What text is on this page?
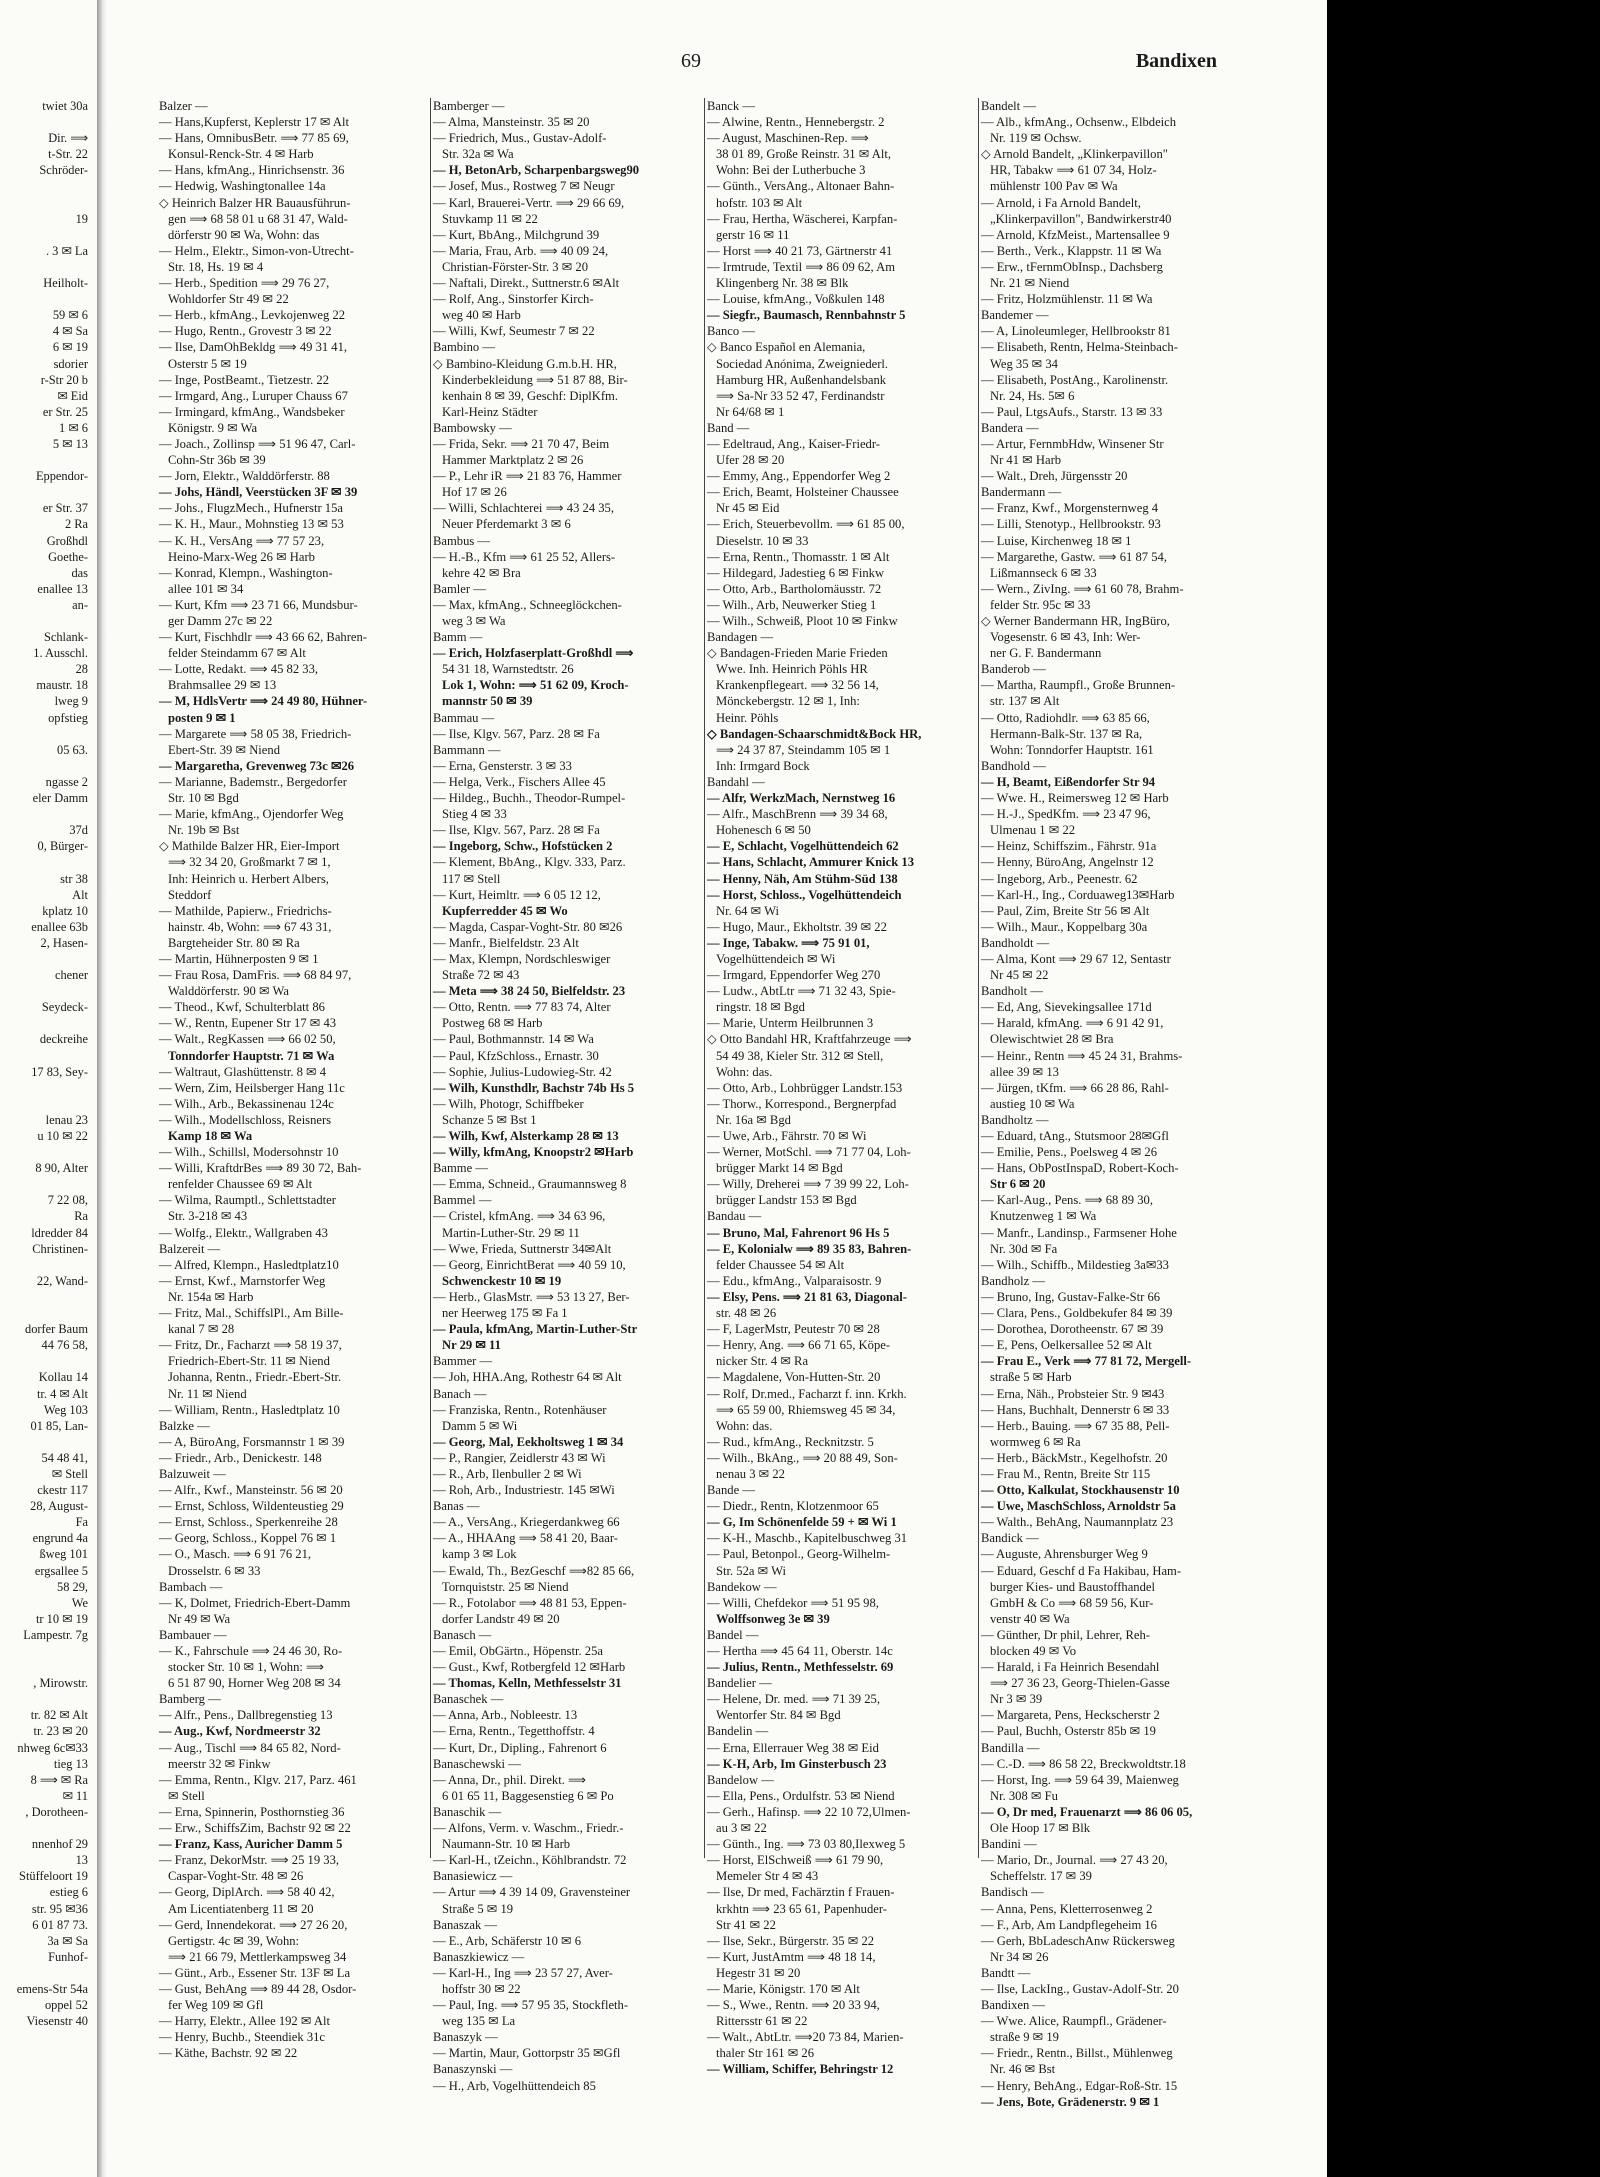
69	Bandixen
twiet 30a

Dir. ⟹
t-Str. 22
Schröder-

19

. 3 ✉ La

Heilholt-

59 ✉ 6
4 ✉ Sa
6 ✉ 19
sdorier
r-Str 20 b
✉ Eid
er Str. 25
1 ✉ 6
5 ✉ 13

Eppendor-

er Str. 37
2 Ra
Großhdl
Goethe-
das
enallee 13
an-

Schlank-
1. Ausschl.
28
maustr. 18
lweg 9
opfstieg

05 63.

ngasse 2
eler Damm

37d
0, Bürger-

str 38
Alt
kplatz 10
enallee 63b
2, Hasen-

chener

Seydeck-

deckreihe

17 83, Sey-

lenau 23
u 10 ✉ 22

8 90, Alter

7 22 08,
Ra
ldredder 84
Christinen-

22, Wand-

dorfer Baum
44 76 58,

Kollau 14
tr. 4 ✉ Alt
Weg 103
01 85, Lan-

54 48 41,
✉ Stell
ckestr 117
28, August-
Fa
engrund 4a
ßweg 101
ergsallee 5
58 29,
We
tr 10 ✉ 19
Lampestr. 7g

, Mirowstr.

tr. 82 ✉ Alt
tr. 23 ✉ 20
nhweg 6c✉33
tieg 13
8 ⟹ ✉ Ra
✉ 11
, Dorotheen-

nnenhof 29
13
Stüffeloort 19
estieg 6
str. 95 ✉36
6 01 87 73.
3a ✉ Sa
Funhof-

emens-Str 54a
oppel 52
Viesenstr 40
Balzer —
— Hans,Kupferst, Keplerstr 17 ✉ Alt
— Hans, OmnibusBetr. ⟹ 77 85 69,
Konsul-Renck-Str. 4 ✉ Harb
— Hans, kfmAng., Hinrichsenstr. 36
— Hedwig, Washingtonallee 14a
◇ Heinrich Balzer HR Bauausführun-
gen ⟹ 68 58 01 u 68 31 47, Wald-
dörferstr 90 ✉ Wa, Wohn: das
— Helm., Elektr., Simon-von-Utrecht-
Str. 18, Hs. 19 ✉ 4
— Herb., Spedition ⟹ 29 76 27,
Wohldorfer Str 49 ✉ 22
— Herb., kfmAng., Levkojenweg 22
— Hugo, Rentn., Grovestr 3 ✉ 22
— Ilse, DamOhBekldg ⟹ 49 31 41,
Osterstr 5 ✉ 19
— Inge, PostBeamt., Tietzestr. 22
— Irmgard, Ang., Luruper Chauss 67
— Irmingard, kfmAng., Wandsbeker
Königstr. 9 ✉ Wa
— Joach., Zollinsp ⟹ 51 96 47, Carl-
Cohn-Str 36b ✉ 39
— Jorn, Elektr., Walddörferstr. 88
— Johs, Händl, Veerstücken 3F ✉ 39
— Johs., FlugzMech., Hufnerstr 15a
— K. H., Maur., Mohnstieg 13 ✉ 53
— K. H., VersAng ⟹ 77 57 23,
Heino-Marx-Weg 26 ✉ Harb
— Konrad, Klempn., Washington-
allee 101 ✉ 34
— Kurt, Kfm ⟹ 23 71 66, Mundsbur-
ger Damm 27c ✉ 22
— Kurt, Fischhdlr ⟹ 43 66 62, Bahren-
felder Steindamm 67 ✉ Alt
— Lotte, Redakt. ⟹ 45 82 33,
Brahmsallee 29 ✉ 13
— M, HdlsVertr ⟹ 24 49 80, Hühner-
posten 9 ✉ 1
— Margarete ⟹ 58 05 38, Friedrich-
Ebert-Str. 39 ✉ Niend
— Margaretha, Grevenweg 73c ✉26
— Marianne, Bademstr., Bergedorfer
Str. 10 ✉ Bgd
— Marie, kfmAng., Ojendorfer Weg
Nr. 19b ✉ Bst
◇ Mathilde Balzer HR, Eier-Import
⟹ 32 34 20, Großmarkt 7 ✉ 1,
Inh: Heinrich u. Herbert Albers,
Steddorf
— Mathilde, Papierw., Friedrichs-
hainstr. 4b, Wohn: ⟹ 67 43 31,
Bargteheider Str. 80 ✉ Ra
— Martin, Hühnerposten 9 ✉ 1
— Frau Rosa, DamFris. ⟹ 68 84 97,
Walddörferstr. 90 ✉ Wa
— Theod., Kwf, Schulterblatt 86
— W., Rentn, Eupener Str 17 ✉ 43
— Walt., RegKassen ⟹ 66 02 50,
Tonndorfer Hauptstr. 71 ✉ Wa
— Waltraut, Glashüttenstr. 8 ✉ 4
— Wern, Zim, Heilsberger Hang 11c
— Wilh., Arb., Bekassinenau 124c
— Wilh., Modellschloss, Reisners
Kamp 18 ✉ Wa
— Wilh., Schillsl, Modersohnstr 10
— Willi, KraftdrBes ⟹ 89 30 72, Bah-
renfelder Chaussee 69 ✉ Alt
— Wilma, Raumptl., Schlettstadter
Str. 3-218 ✉ 43
— Wolfg., Elektr., Wallgraben 43
Balzereit —
— Alfred, Klempn., Hasledtplatz10
— Ernst, Kwf., Marnstorfer Weg
Nr. 154a ✉ Harb
— Fritz, Mal., SchiffslPl., Am Bille-
kanal 7 ✉ 28
— Fritz, Dr., Facharzt ⟹ 58 19 37,
Friedrich-Ebert-Str. 11 ✉ Niend
Johanna, Rentn., Friedr.-Ebert-Str.
Nr. 11 ✉ Niend
— William, Rentn., Hasledtplatz 10
Balzke —
— A, BüroAng, Forsmannstr 1 ✉ 39
— Friedr., Arb., Denickestr. 148
Balzuweit —
— Alfr., Kwf., Mansteinstr. 56 ✉ 20
— Ernst, Schloss, Wildenteustieg 29
— Ernst, Schloss., Sperkenreihe 28
— Georg, Schloss., Koppel 76 ✉ 1
— O., Masch. ⟹ 6 91 76 21,
Drosselstr. 6 ✉ 33
Bambach —
— K, Dolmet, Friedrich-Ebert-Damm
Nr 49 ✉ Wa
Bambauer —
— K., Fahrschule ⟹ 24 46 30, Ro-
stocker Str. 10 ✉ 1, Wohn: ⟹
6 51 87 90, Horner Weg 208 ✉ 34
Bamberg —
— Alfr., Pens., Dallbregenstieg 13
— Aug., Kwf, Nordmeerstr 32
— Aug., Tischl ⟹ 84 65 82, Nord-
meerstr 32 ✉ Finkw
— Emma, Rentn., Klgv. 217, Parz. 461
✉ Stell
— Erna, Spinnerin, Posthornstieg 36
— Erw., SchiffsZim, Bachstr 92 ✉ 22
— Franz, Kass, Auricher Damm 5
— Franz, DekorMstr. ⟹ 25 19 33,
Caspar-Voght-Str. 48 ✉ 26
— Georg, DiplArch. ⟹ 58 40 42,
Am Licentiatenberg 11 ✉ 20
— Gerd, Innendekorat. ⟹ 27 26 20,
Gertigstr. 4c ✉ 39, Wohn:
⟹ 21 66 79, Mettlerkampsweg 34
— Günt., Arb., Essener Str. 13F ✉ La
— Gust, BehAng ⟹ 89 44 28, Osdor-
fer Weg 109 ✉ Gfl
— Harry, Elektr., Allee 192 ✉ Alt
— Henry, Buchb., Steendiek 31c
— Käthe, Bachstr. 92 ✉ 22
Bamberger —
— Alma, Mansteinstr. 35 ✉ 20
— Friedrich, Mus., Gustav-Adolf-
Str. 32a ✉ Wa
— H, BetonArb, Scharpenbargsweg90
— Josef, Mus., Rostweg 7 ✉ Neugr
— Karl, Brauerei-Vertr. ⟹ 29 66 69,
Stuvkamp 11 ✉ 22
— Kurt, BbAng., Milchgrund 39
— Maria, Frau, Arb. ⟹ 40 09 24,
Christian-Förster-Str. 3 ✉ 20
— Naftali, Direkt., Suttnerstr.6 ✉Alt
— Rolf, Ang., Sinstorfer Kirch-
weg 40 ✉ Harb
— Willi, Kwf, Seumestr 7 ✉ 22
Bambino —
◇ Bambino-Kleidung G.m.b.H. HR,
Kinderbekleidung ⟹ 51 87 88, Bir-
kenhain 8 ✉ 39, Geschf: DiplKfm.
Karl-Heinz Städter
Bambowsky —
— Frida, Sekr. ⟹ 21 70 47, Beim
Hammer Marktplatz 2 ✉ 26
— P., Lehr iR ⟹ 21 83 76, Hammer
Hof 17 ✉ 26
— Willi, Schlachterei ⟹ 43 24 35,
Neuer Pferdemarkt 3 ✉ 6
Bambus —
— H.-B., Kfm ⟹ 61 25 52, Allers-
kehre 42 ✉ Bra
Bamler —
— Max, kfmAng., Schneeglöckchen-
weg 3 ✉ Wa
Bamm —
— Erich, Holzfaserplatt-Großhdl ⟹
54 31 18, Warnstedtstr. 26
Lok 1, Wohn: ⟹ 51 62 09, Kroch-
mannstr 50 ✉ 39
Bammau —
— Ilse, Klgv. 567, Parz. 28 ✉ Fa
Bammann —
— Erna, Gensterstr. 3 ✉ 33
— Helga, Verk., Fischers Allee 45
— Hildeg., Buchh., Theodor-Rumpel-
Stieg 4 ✉ 33
— Ilse, Klgv. 567, Parz. 28 ✉ Fa
— Ingeborg, Schw., Hofstücken 2
— Klement, BbAng., Klgv. 333, Parz.
117 ✉ Stell
— Kurt, Heimltr. ⟹ 6 05 12 12,
Kupferredder 45 ✉ Wo
— Magda, Caspar-Voght-Str. 80 ✉26
— Manfr., Bielfeldstr. 23 Alt
— Max, Klempn, Nordschleswiger
Straße 72 ✉ 43
— Meta ⟹ 38 24 50, Bielfeldstr. 23
— Otto, Rentn. ⟹ 77 83 74, Alter
Postweg 68 ✉ Harb
— Paul, Bothmannstr. 14 ✉ Wa
— Paul, KfzSchloss., Ernastr. 30
— Sophie, Julius-Ludowieg-Str. 42
— Wilh, Kunsthdlr, Bachstr 74b Hs 5
— Wilh, Photogr, Schiffbeker
Schanze 5 ✉ Bst 1
— Wilh, Kwf, Alsterkamp 28 ✉ 13
— Willy, kfmAng, Knoopstr2 ✉Harb
Bamme —
— Emma, Schneid., Graumannsweg 8
Bammel —
— Cristel, kfmAng. ⟹ 34 63 96,
Martin-Luther-Str. 29 ✉ 11
— Wwe, Frieda, Suttnerstr 34✉Alt
— Georg, EinrichtBerat ⟹ 40 59 10,
Schwenckestr 10 ✉ 19
— Herb., GlasMstr. ⟹ 53 13 27, Ber-
ner Heerweg 175 ✉ Fa 1
— Paula, kfmAng, Martin-Luther-Str
Nr 29 ✉ 11
Bammer —
— Joh, HHA.Ang, Rothestr 64 ✉ Alt
Banach —
— Franziska, Rentn., Rotenhäuser
Damm 5 ✉ Wi
— Georg, Mal, Eekholtsweg 1 ✉ 34
— P., Rangier, Zeidlerstr 43 ✉ Wi
— R., Arb, Ilenbuller 2 ✉ Wi
— Roh, Arb., Industriestr. 145 ✉Wi
Banas —
— A., VersAng., Kriegerdankweg 66
— A., HHAAng ⟹ 58 41 20, Baar-
kamp 3 ✉ Lok
— Ewald, Th., BezGeschf ⟹82 85 66,
Tornquiststr. 25 ✉ Niend
— R., Fotolabor ⟹ 48 81 53, Eppen-
dorfer Landstr 49 ✉ 20
Banasch —
— Emil, ObGärtn., Höpenstr. 25a
— Gust., Kwf, Rotbergfeld 12 ✉Harb
— Thomas, Kelln, Methfesselstr 31
Banaschek —
— Anna, Arb., Nobleestr. 13
— Erna, Rentn., Tegetthoffstr. 4
— Kurt, Dr., Dipling., Fahrenort 6
Banaschewski —
— Anna, Dr., phil. Direkt. ⟹
6 01 65 11, Baggesenstieg 6 ✉ Po
Banaschik —
— Alfons, Verm. v. Waschm., Friedr.-
Naumann-Str. 10 ✉ Harb
— Karl-H., tZeichn., Köhlbrandstr. 72
Banasiewicz —
— Artur ⟹ 4 39 14 09, Gravensteiner
Straße 5 ✉ 19
Banaszak —
— E., Arb, Schäferstr 10 ✉ 6
Banaszkiewicz —
— Karl-H., Ing ⟹ 23 57 27, Aver-
hoffstr 30 ✉ 22
— Paul, Ing. ⟹ 57 95 35, Stockfleth-
weg 135 ✉ La
Banaszyk —
— Martin, Maur, Gottorpstr 35 ✉Gfl
Banaszynski —
— H., Arb, Vogelhüttendeich 85
Banck —
— Alwine, Rentn., Hennebergstr. 2
— August, Maschinen-Rep. ⟹
38 01 89, Große Reinstr. 31 ✉ Alt,
Wohn: Bei der Lutherbuche 3
— Günth., VersAng., Altonaer Bahn-
hofstr. 103 ✉ Alt
— Frau, Hertha, Wäscherei, Karpfan-
gerstr 16 ✉ 11
— Horst ⟹ 40 21 73, Gärtnerstr 41
— Irmtrude, Textil ⟹ 86 09 62, Am
Klingenberg Nr. 38 ✉ Blk
— Louise, kfmAng., Voßkulen 148
— Siegfr., Baumasch, Rennbahnstr 5
Banco —
◇ Banco Español en Alemania,
Sociedad Anónima, Zweigniederl.
Hamburg HR, Außenhandelsbank
⟹ Sa-Nr 33 52 47, Ferdinandstr
Nr 64/68 ✉ 1
Band —
— Edeltraud, Ang., Kaiser-Friedr-
Ufer 28 ✉ 20
— Emmy, Ang., Eppendorfer Weg 2
— Erich, Beamt, Holsteiner Chaussee
Nr 45 ✉ Eid
— Erich, Steuerbevollm. ⟹ 61 85 00,
Dieselstr. 10 ✉ 33
— Erna, Rentn., Thomasstr. 1 ✉ Alt
— Hildegard, Jadestieg 6 ✉ Finkw
— Otto, Arb., Bartholomäusstr. 72
— Wilh., Arb, Neuwerker Stieg 1
— Wilh., Schweiß, Ploot 10 ✉ Finkw
Bandagen —
◇ Bandagen-Frieden Marie Frieden
Wwe. Inh. Heinrich Pöhls HR
Krankenpflegeart. ⟹ 32 56 14,
Mönckebergstr. 12 ✉ 1, Inh:
Heinr. Pöhls
◇ Bandagen-Schaarschmidt&Bock HR,
⟹ 24 37 87, Steindamm 105 ✉ 1
Inh: Irmgard Bock
Bandahl —
— Alfr, WerkzMach, Nernstweg 16
— Alfr., MaschBrenn ⟹ 39 34 68,
Hohenesch 6 ✉ 50
— E, Schlacht, Vogelhüttendeich 62
— Hans, Schlacht, Ammurer Knick 13
— Henny, Näh, Am Stühm-Süd 138
— Horst, Schloss., Vogelhüttendeich
Nr. 64 ✉ Wi
— Hugo, Maur., Ekholtstr. 39 ✉ 22
— Inge, Tabakw. ⟹ 75 91 01,
Vogelhüttendeich ✉ Wi
— Irmgard, Eppendorfer Weg 270
— Ludw., AbtLtr ⟹ 71 32 43, Spie-
ringstr. 18 ✉ Bgd
— Marie, Unterm Heilbrunnen 3
◇ Otto Bandahl HR, Kraftfahrzeuge ⟹
54 49 38, Kieler Str. 312 ✉ Stell,
Wohn: das.
— Otto, Arb., Lohbrügger Landstr.153
— Thorw., Korrespond., Bergnerpfad
Nr. 16a ✉ Bgd
— Uwe, Arb., Fährstr. 70 ✉ Wi
— Werner, MotSchl. ⟹ 71 77 04, Loh-
brügger Markt 14 ✉ Bgd
— Willy, Dreherei ⟹ 7 39 99 22, Loh-
brügger Landstr 153 ✉ Bgd
Bandau —
— Bruno, Mal, Fahrenort 96 Hs 5
— E, Kolonialw ⟹ 89 35 83, Bahren-
felder Chaussee 54 ✉ Alt
— Edu., kfmAng., Valparaisostr. 9
— Elsy, Pens. ⟹ 21 81 63, Diagonal-
str. 48 ✉ 26
— F, LagerMstr, Peutestr 70 ✉ 28
— Henry, Ang. ⟹ 66 71 65, Köpe-
nicker Str. 4 ✉ Ra
— Magdalene, Von-Hutten-Str. 20
— Rolf, Dr.med., Facharzt f. inn. Krkh.
⟹ 65 59 00, Rhiemsweg 45 ✉ 34,
Wohn: das.
— Rud., kfmAng., Recknitzstr. 5
— Wilh., BkAng., ⟹ 20 88 49, Son-
nenau 3 ✉ 22
Bande —
— Diedr., Rentn, Klotzenmoor 65
— G, Im Schönenfelde 59 + ✉ Wi 1
— K-H., Maschb., Kapitelbuschweg 31
— Paul, Betonpol., Georg-Wilhelm-
Str. 52a ✉ Wi
Bandekow —
— Willi, Chefdekor ⟹ 51 95 98,
Wolffsonweg 3e ✉ 39
Bandel —
— Hertha ⟹ 45 64 11, Oberstr. 14c
— Julius, Rentn., Methfesselstr. 69
Bandelier —
— Helene, Dr. med. ⟹ 71 39 25,
Wentorfer Str. 84 ✉ Bgd
Bandelin —
— Erna, Ellerrauer Weg 38 ✉ Eid
— K-H, Arb, Im Ginsterbusch 23
Bandelow —
— Ella, Pens., Ordulfstr. 53 ✉ Niend
— Gerh., Hafinsp. ⟹ 22 10 72,Ulmen-
au 3 ✉ 22
— Günth., Ing. ⟹ 73 03 80,Ilexweg 5
— Horst, ElSchweiß ⟹ 61 79 90,
Memeler Str 4 ✉ 43
— Ilse, Dr med, Fachärztin f Frauen-
krkhtn ⟹ 23 65 61, Papenhuder-
Str 41 ✉ 22
— Ilse, Sekr., Bürgerstr. 35 ✉ 22
— Kurt, JustAmtm ⟹ 48 18 14,
Hegestr 31 ✉ 20
— Marie, Königstr. 170 ✉ Alt
— S., Wwe., Rentn. ⟹ 20 33 94,
Rittersstr 61 ✉ 22
— Walt., AbtLtr. ⟹20 73 84, Marien-
thaler Str 161 ✉ 26
— William, Schiffer, Behringstr 12
Bandelt —
— Alb., kfmAng., Ochsenw., Elbdeich
Nr. 119 ✉ Ochsw.
◇ Arnold Bandelt, „Klinkerpavillon"
HR, Tabakw ⟹ 61 07 34, Holz-
mühlenstr 100 Pav ✉ Wa
— Arnold, i Fa Arnold Bandelt,
„Klinkerpavillon", Bandwirkerstr40
— Arnold, KfzMeist., Martensallee 9
— Berth., Verk., Klappstr. 11 ✉ Wa
— Erw., tFernmObInsp., Dachsberg
Nr. 21 ✉ Niend
— Fritz, Holzmühlenstr. 11 ✉ Wa
Bandemer —
— A, Linoleumleger, Hellbrookstr 81
— Elisabeth, Rentn, Helma-Steinbach-
Weg 35 ✉ 34
— Elisabeth, PostAng., Karolinenstr.
Nr. 24, Hs. 5✉ 6
— Paul, LtgsAufs., Starstr. 13 ✉ 33
Bandera —
— Artur, FernmbHdw, Winsener Str
Nr 41 ✉ Harb
— Walt., Dreh, Jürgensstr 20
Bandermann —
— Franz, Kwf., Morgensternweg 4
— Lilli, Stenotyp., Hellbrookstr. 93
— Luise, Kirchenweg 18 ✉ 1
— Margarethe, Gastw. ⟹ 61 87 54,
Lißmannseck 6 ✉ 33
— Wern., ZivIng. ⟹ 61 60 78, Brahm-
felder Str. 95c ✉ 33
◇ Werner Bandermann HR, IngBüro,
Vogesenstr. 6 ✉ 43, Inh: Wer-
ner G. F. Bandermann
Banderob —
— Martha, Raumpfl., Große Brunnen-
str. 137 ✉ Alt
— Otto, Radiohdlr. ⟹ 63 85 66,
Hermann-Balk-Str. 137 ✉ Ra,
Wohn: Tonndorfer Hauptstr. 161
Bandhold —
— H, Beamt, Eißendorfer Str 94
— Wwe. H., Reimersweg 12 ✉ Harb
— H.-J., SpedKfm. ⟹ 23 47 96,
Ulmenau 1 ✉ 22
— Heinz, Schiffszim., Fährstr. 91a
— Henny, BüroAng, Angelnstr 12
— Ingeborg, Arb., Peenestr. 62
— Karl-H., Ing., Corduaweg13✉Harb
— Paul, Zim, Breite Str 56 ✉ Alt
— Wilh., Maur., Koppelbarg 30a
Bandholdt —
— Alma, Kont ⟹ 29 67 12, Sentastr
Nr 45 ✉ 22
Bandholt —
— Ed, Ang, Sievekingsallee 171d
— Harald, kfmAng. ⟹ 6 91 42 91,
Olewischtwiet 28 ✉ Bra
— Heinr., Rentn ⟹ 45 24 31, Brahms-
allee 39 ✉ 13
— Jürgen, tKfm. ⟹ 66 28 86, Rahl-
austieg 10 ✉ Wa
Bandholtz —
— Eduard, tAng., Stutsmoor 28✉Gfl
— Emilie, Pens., Poelsweg 4 ✉ 26
— Hans, ObPostInspaD, Robert-Koch-
Str 6 ✉ 20
— Karl-Aug., Pens. ⟹ 68 89 30,
Knutzenweg 1 ✉ Wa
— Manfr., Landinsp., Farmsener Hohe
Nr. 30d ✉ Fa
— Wilh., Schiffb., Mildestieg 3a✉33
Bandholz —
— Bruno, Ing, Gustav-Falke-Str 66
— Clara, Pens., Goldbekufer 84 ✉ 39
— Dorothea, Dorotheenstr. 67 ✉ 39
— E, Pens, Oelkersallee 52 ✉ Alt
— Frau E., Verk ⟹ 77 81 72, Mergell-
straße 5 ✉ Harb
— Erna, Näh., Probsteier Str. 9 ✉43
— Hans, Buchhalt, Dennerstr 6 ✉ 33
— Herb., Bauing. ⟹ 67 35 88, Pell-
wormweg 6 ✉ Ra
— Herb., BäckMstr., Kegelhofstr. 20
— Frau M., Rentn, Breite Str 115
— Otto, Kalkulat, Stockhausenstr 10
— Uwe, MaschSchloss, Arnoldstr 5a
— Walth., BehAng, Naumannplatz 23
Bandick —
— Auguste, Ahrensburger Weg 9
— Eduard, Geschf d Fa Hakibau, Ham-
burger Kies- und Baustoffhandel
GmbH & Co ⟹ 68 59 56, Kur-
venstr 40 ✉ Wa
— Günther, Dr phil, Lehrer, Reh-
blocken 49 ✉ Vo
— Harald, i Fa Heinrich Besendahl
⟹ 27 36 23, Georg-Thielen-Gasse
Nr 3 ✉ 39
— Margareta, Pens, Heckscherstr 2
— Paul, Buchh, Osterstr 85b ✉ 19
Bandilla —
— C.-D. ⟹ 86 58 22, Breckwoldtstr.18
— Horst, Ing. ⟹ 59 64 39, Maienweg
Nr. 308 ✉ Fu
— O, Dr med, Frauenarzt ⟹ 86 06 05,
Ole Hoop 17 ✉ Blk
Bandini —
— Mario, Dr., Journal. ⟹ 27 43 20,
Scheffelstr. 17 ✉ 39
Bandisch —
— Anna, Pens, Kletterrosenweg 2
— F., Arb, Am Landpflegeheim 16
— Gerh, BbLadeschAnw Rückersweg
Nr 34 ✉ 26
Bandtt —
— Ilse, LackIng., Gustav-Adolf-Str. 20
Bandixen —
— Wwe. Alice, Raumpfl., Grädener-
straße 9 ✉ 19
— Friedr., Rentn., Billst., Mühlenweg
Nr. 46 ✉ Bst
— Henry, BehAng., Edgar-Roß-Str. 15
— Jens, Bote, Grädenerstr. 9 ✉ 1
